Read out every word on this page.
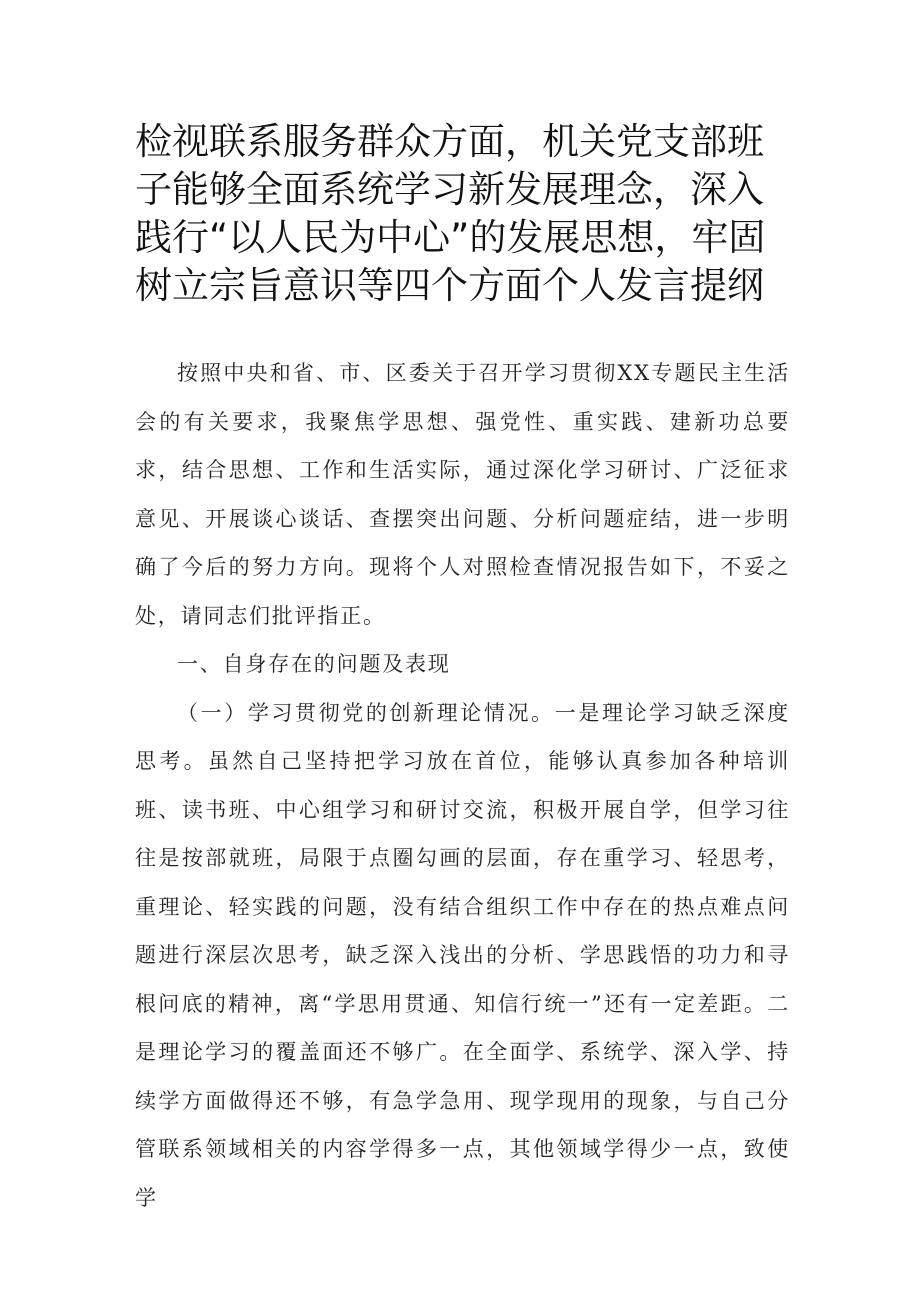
检视联系服务群众方面，机关党支部班子能够全面系统学习新发展理念，深入践行“以人民为中心”的发展思想，牢固树立宗旨意识等四个方面个人发言提纲

按照中央和省、市、区委关于召开学习贯彻XX专题民主生活会的有关要求，我聚焦学思想、强党性、重实践、建新功总要求，结合思想、工作和生活实际，通过深化学习研讨、广泛征求意见、开展谈心谈话、查摆突出问题、分析问题症结，进一步明确了今后的努力方向。现将个人对照检查情况报告如下，不妥之处，请同志们批评指正。

一、自身存在的问题及表现

（一）学习贯彻党的创新理论情况。一是理论学习缺乏深度思考。虽然自己坚持把学习放在首位，能够认真参加各种培训班、读书班、中心组学习和研讨交流，积极开展自学，但学习往往是按部就班，局限于点圈勾画的层面，存在重学习、轻思考，重理论、轻实践的问题，没有结合组织工作中存在的热点难点问题进行深层次思考，缺乏深入浅出的分析、学思践悟的功力和寻根问底的精神，离“学思用贯通、知信行统一”还有一定差距。二是理论学习的覆盖面还不够广。在全面学、系统学、深入学、持续学方面做得还不够，有急学急用、现学现用的现象，与自己分管联系领域相关的内容学得多一点，其他领域学得少一点，致使学
